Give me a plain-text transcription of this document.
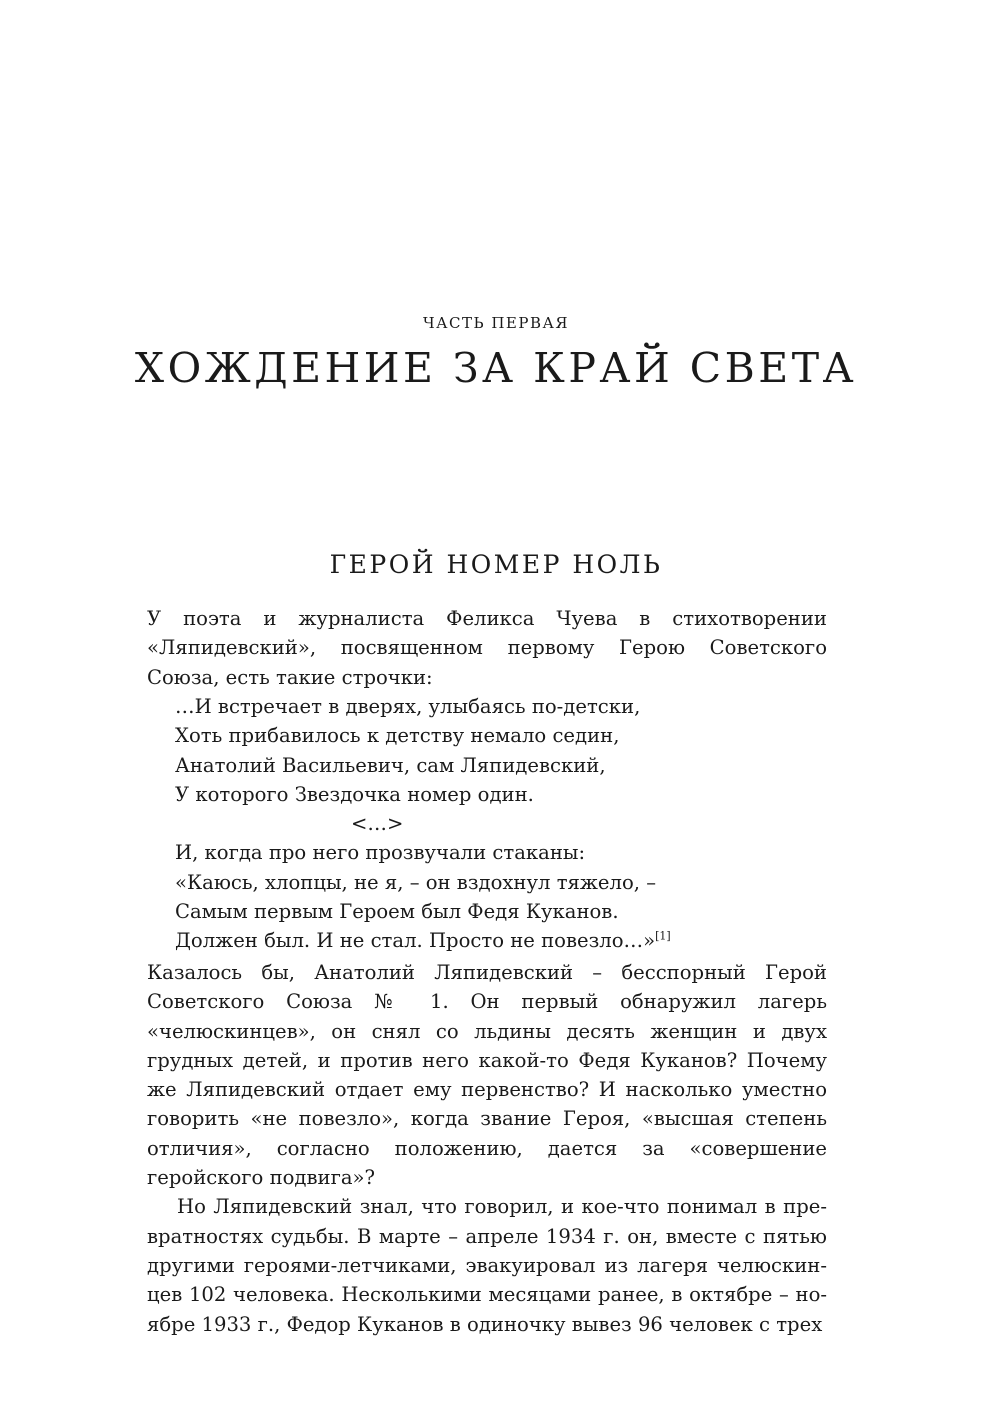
ЧАСТЬ ПЕРВАЯ
ХОЖДЕНИЕ ЗА КРАЙ СВЕТА
ГЕРОЙ НОМЕР НОЛЬ

У поэта и журналиста Феликса Чуева в стихотворении «Ляпидевский», посвященном первому Герою Советского Союза, есть такие строчки:

…И встречает в дверях, улыбаясь по-детски,
Хоть прибавилось к детству немало седин,
Анатолий Васильевич, сам Ляпидевский,
У которого Звездочка номер один.
<…>
И, когда про него прозвучали стаканы:
«Каюсь, хлопцы, не я, – он вздохнул тяжело, –
Самым первым Героем был Федя Куканов.
Должен был. И не стал. Просто не повезло…»[1]

Казалось бы, Анатолий Ляпидевский – бесспорный Герой Советского Союза № 1. Он первый обнаружил лагерь «челюскинцев», он снял со льдины десять женщин и двух грудных детей, и против него какой-то Федя Куканов? Почему же Ляпидевский отдает ему первенство? И насколько уместно говорить «не повезло», когда звание Героя, «высшая степень отличия», согласно положению, дается за «совершение геройского подвига»?

Но Ляпидевский знал, что говорил, и кое-что понимал в превратностях судьбы. В марте – апреле 1934 г. он, вместе с пятью другими героями-летчиками, эвакуировал из лагеря челюскинцев 102 человека. Несколькими месяцами ранее, в октябре – ноябре 1933 г., Федор Куканов в одиночку вывез 96 человек с трех
